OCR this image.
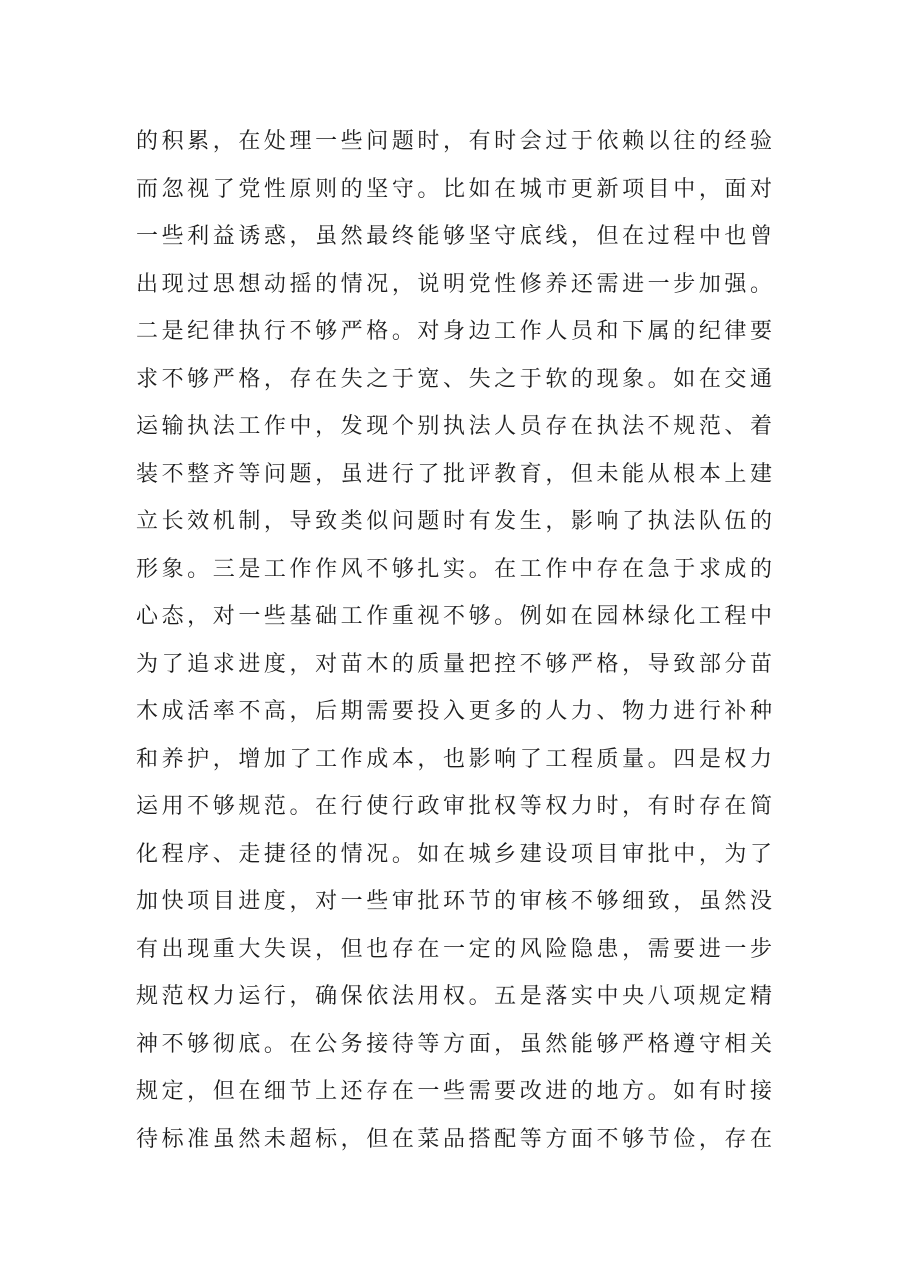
的积累，在处理一些问题时，有时会过于依赖以往的经验
而忽视了党性原则的坚守。比如在城市更新项目中，面对
一些利益诱惑，虽然最终能够坚守底线，但在过程中也曾
出现过思想动摇的情况，说明党性修养还需进一步加强。
二是纪律执行不够严格。对身边工作人员和下属的纪律要
求不够严格，存在失之于宽、失之于软的现象。如在交通
运输执法工作中，发现个别执法人员存在执法不规范、着
装不整齐等问题，虽进行了批评教育，但未能从根本上建
立长效机制，导致类似问题时有发生，影响了执法队伍的
形象。三是工作作风不够扎实。在工作中存在急于求成的
心态，对一些基础工作重视不够。例如在园林绿化工程中
为了追求进度，对苗木的质量把控不够严格，导致部分苗
木成活率不高，后期需要投入更多的人力、物力进行补种
和养护，增加了工作成本，也影响了工程质量。四是权力
运用不够规范。在行使行政审批权等权力时，有时存在简
化程序、走捷径的情况。如在城乡建设项目审批中，为了
加快项目进度，对一些审批环节的审核不够细致，虽然没
有出现重大失误，但也存在一定的风险隐患，需要进一步
规范权力运行，确保依法用权。五是落实中央八项规定精
神不够彻底。在公务接待等方面，虽然能够严格遵守相关
规定，但在细节上还存在一些需要改进的地方。如有时接
待标准虽然未超标，但在菜品搭配等方面不够节俭，存在
